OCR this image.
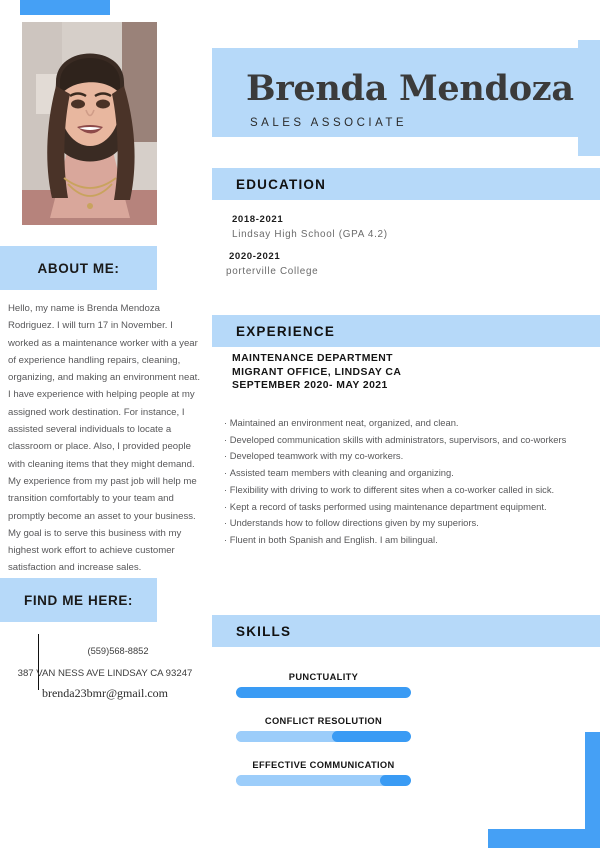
ABOUT ME:
Hello, my name is Brenda Mendoza Rodriguez. I will turn 17 in November. I worked as a maintenance worker with a year of experience handling repairs, cleaning, organizing, and making an environment neat. I have experience with helping people at my assigned work destination. For instance, I assisted several individuals to locate a classroom or place. Also, I provided people with cleaning items that they might demand. My experience from my past job will help me transition comfortably to your team and promptly become an asset to your business. My goal is to serve this business with my highest work effort to achieve customer satisfaction and increase sales.
FIND ME HERE:
(559)568-8852
387 VAN NESS AVE LINDSAY CA 93247
brenda23bmr@gmail.com
Brenda Mendoza
SALES ASSOCIATE
EDUCATION
2018-2021
Lindsay High School (GPA 4.2)
2020-2021
porterville College
EXPERIENCE
MAINTENANCE DEPARTMENT
MIGRANT OFFICE, LINDSAY CA
SEPTEMBER 2020- MAY 2021
· Maintained an environment neat, organized, and clean.
· Developed communication skills with administrators, supervisors, and co-workers
· Developed teamwork with my co-workers.
· Assisted team members with cleaning and organizing.
· Flexibility with driving to work to different sites when a co-worker called in sick.
· Kept a record of tasks performed using maintenance department equipment.
· Understands how to follow directions given by my superiors.
· Fluent in both Spanish and English. I am bilingual.
SKILLS
PUNCTUALITY
CONFLICT RESOLUTION
EFFECTIVE COMMUNICATION
